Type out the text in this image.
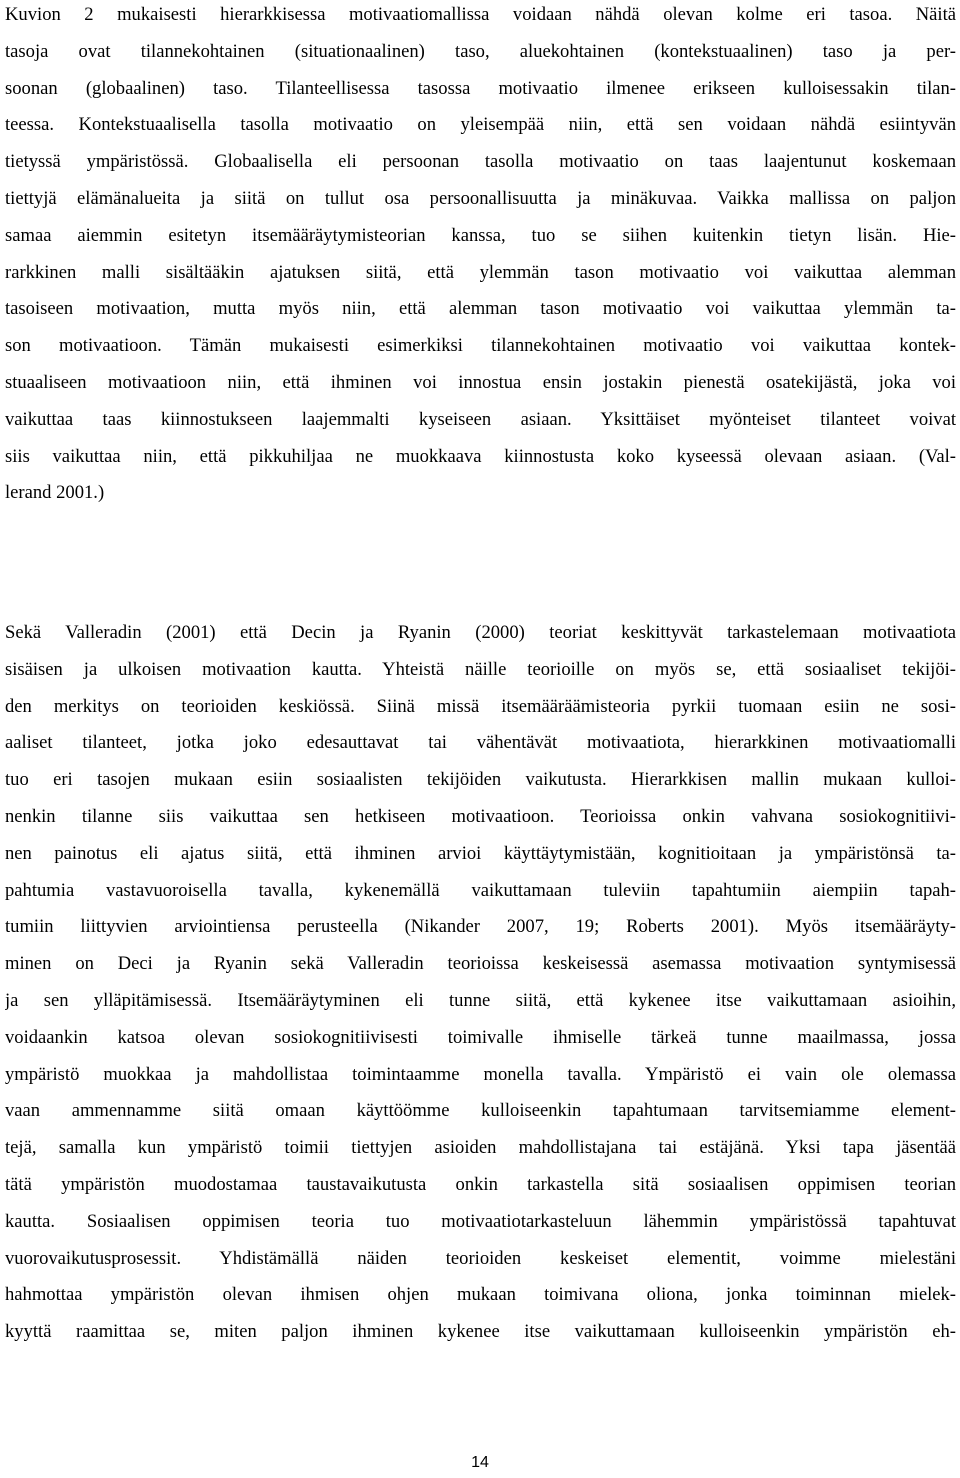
Kuvion 2 mukaisesti hierarkkisessa motivaatiomallissa voidaan nähdä olevan kolme eri tasoa. Näitä
tasoja ovat tilannekohtainen (situationaalinen) taso, aluekohtainen (kontekstuaalinen) taso ja per-
soonan (globaalinen) taso. Tilanteellisessa tasossa motivaatio ilmenee erikseen kulloisessakin tilan-
teessa. Kontekstuaalisella tasolla motivaatio on yleisempää niin, että sen voidaan nähdä esiintyvän
tietyssä ympäristössä. Globaalisella eli persoonan tasolla motivaatio on taas laajentunut koskemaan
tiettyjä elämänalueita ja siitä on tullut osa persoonallisuutta ja minäkuvaa. Vaikka mallissa on paljon
samaa aiemmin esitetyn itsemääräytymisteorian kanssa, tuo se siihen kuitenkin tietyn lisän. Hie-
rarkkinen malli sisältääkin ajatuksen siitä, että ylemmän tason motivaatio voi vaikuttaa alemman
tasoiseen motivaation, mutta myös niin, että alemman tason motivaatio voi vaikuttaa ylemmän ta-
son motivaatioon. Tämän mukaisesti esimerkiksi tilannekohtainen motivaatio voi vaikuttaa kontek-
stuaaliseen motivaatioon niin, että ihminen voi innostua ensin jostakin pienestä osatekijästä, joka voi
vaikuttaa taas kiinnostukseen laajemmalti kyseiseen asiaan. Yksittäiset myönteiset tilanteet voivat
siis vaikuttaa niin, että pikkuhiljaa ne muokkaava kiinnostusta koko kyseessä olevaan asiaan. (Val-
lerand 2001.)
Sekä Valleradin (2001) että Decin ja Ryanin (2000) teoriat keskittyvät tarkastelemaan motivaatiota
sisäisen ja ulkoisen motivaation kautta. Yhteistä näille teorioille on myös se, että sosiaaliset tekijöi-
den merkitys on teorioiden keskiössä. Siinä missä itsemääräämisteoria pyrkii tuomaan esiin ne sosi-
aaliset tilanteet, jotka joko edesauttavat tai vähentävät motivaatiota, hierarkkinen motivaatiomalli
tuo eri tasojen mukaan esiin sosiaalisten tekijöiden vaikutusta. Hierarkkisen mallin mukaan kulloi-
nenkin tilanne siis vaikuttaa sen hetkiseen motivaatioon. Teorioissa onkin vahvana sosiokognitiivi-
nen painotus eli ajatus siitä, että ihminen arvioi käyttäytymistään, kognitioitaan ja ympäristönsä ta-
pahtumia vastavuoroisella tavalla, kykenemällä vaikuttamaan tuleviin tapahtumiin aiempiin tapah-
tumiin liittyvien arviointiensa perusteella (Nikander 2007, 19; Roberts 2001). Myös itsemääräyty-
minen on Deci ja Ryanin sekä Valleradin teorioissa keskeisessä asemassa motivaation syntymisessä
ja sen ylläpitämisessä. Itsemääräytyminen eli tunne siitä, että kykenee itse vaikuttamaan asioihin,
voidaankin katsoa olevan sosiokognitiivisesti toimivalle ihmiselle tärkeä tunne maailmassa, jossa
ympäristö muokkaa ja mahdollistaa toimintaamme monella tavalla. Ympäristö ei vain ole olemassa
vaan ammennamme siitä omaan käyttöömme kulloiseenkin tapahtumaan tarvitsemiamme element-
tejä, samalla kun ympäristö toimii tiettyjen asioiden mahdollistajana tai estäjänä. Yksi tapa jäsentää
tätä ympäristön muodostamaa taustavaikutusta onkin tarkastella sitä sosiaalisen oppimisen teorian
kautta. Sosiaalisen oppimisen teoria tuo motivaatiotarkasteluun lähemmin ympäristössä tapahtuvat
vuorovaikutusprosessit. Yhdistämällä näiden teorioiden keskeiset elementit, voimme mielestäni
hahmottaa ympäristön olevan ihmisen ohjen mukaan toimivana oliona, jonka toiminnan mielek-
kyyttä raamittaa se, miten paljon ihminen kykenee itse vaikuttamaan kulloiseenkin ympäristön eh-
14
